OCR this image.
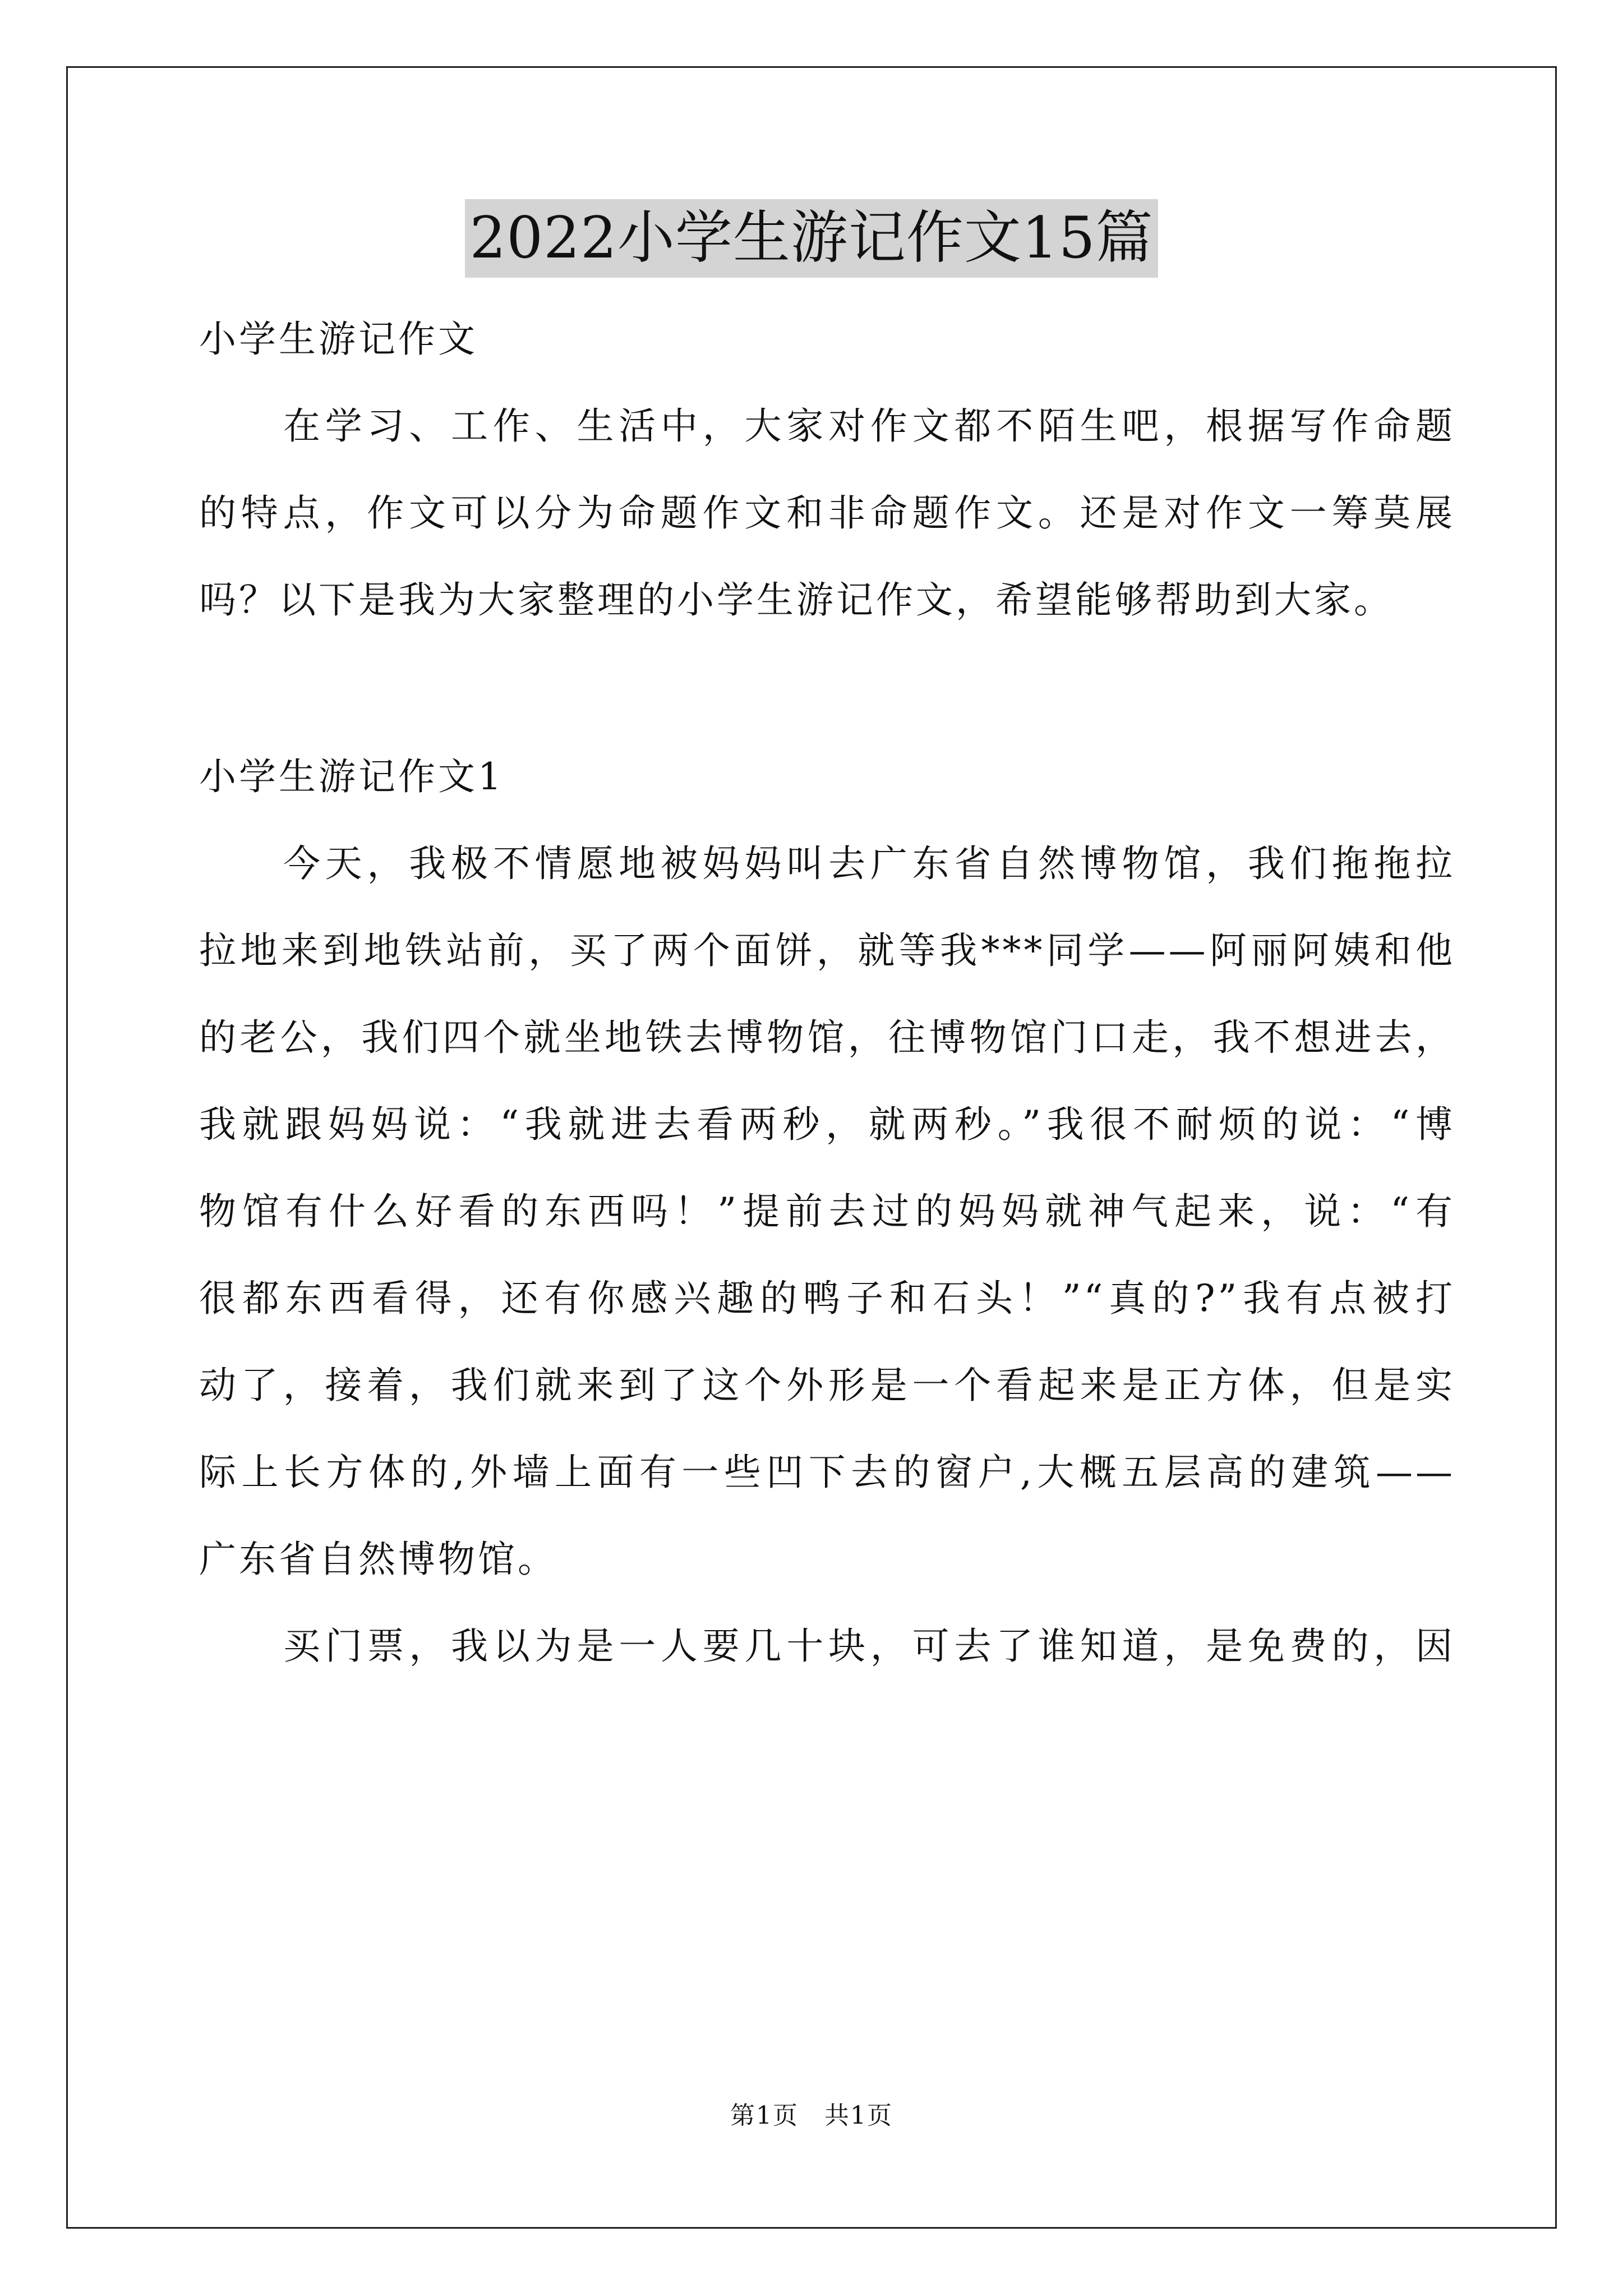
2022小学生游记作文15篇
小学生游记作文
在学习、工作、生活中，大家对作文都不陌生吧，根据写作命题
的特点，作文可以分为命题作文和非命题作文。还是对作文一筹莫展
吗？以下是我为大家整理的小学生游记作文，希望能够帮助到大家。
小学生游记作文1
今天，我极不情愿地被妈妈叫去广东省自然博物馆，我们拖拖拉
拉地来到地铁站前，买了两个面饼，就等我***同学——阿丽阿姨和他
的老公，我们四个就坐地铁去博物馆，往博物馆门口走，我不想进去，
我就跟妈妈说：“我就进去看两秒，就两秒。”我很不耐烦的说：“博
物馆有什么好看的东西吗！”提前去过的妈妈就神气起来，说：“有
很都东西看得，还有你感兴趣的鸭子和石头！”“真的?”我有点被打
动了，接着，我们就来到了这个外形是一个看起来是正方体，但是实
际上长方体的,外墙上面有一些凹下去的窗户,大概五层高的建筑——
广东省自然博物馆。
买门票，我以为是一人要几十块，可去了谁知道，是免费的，因
第1页　共1页
